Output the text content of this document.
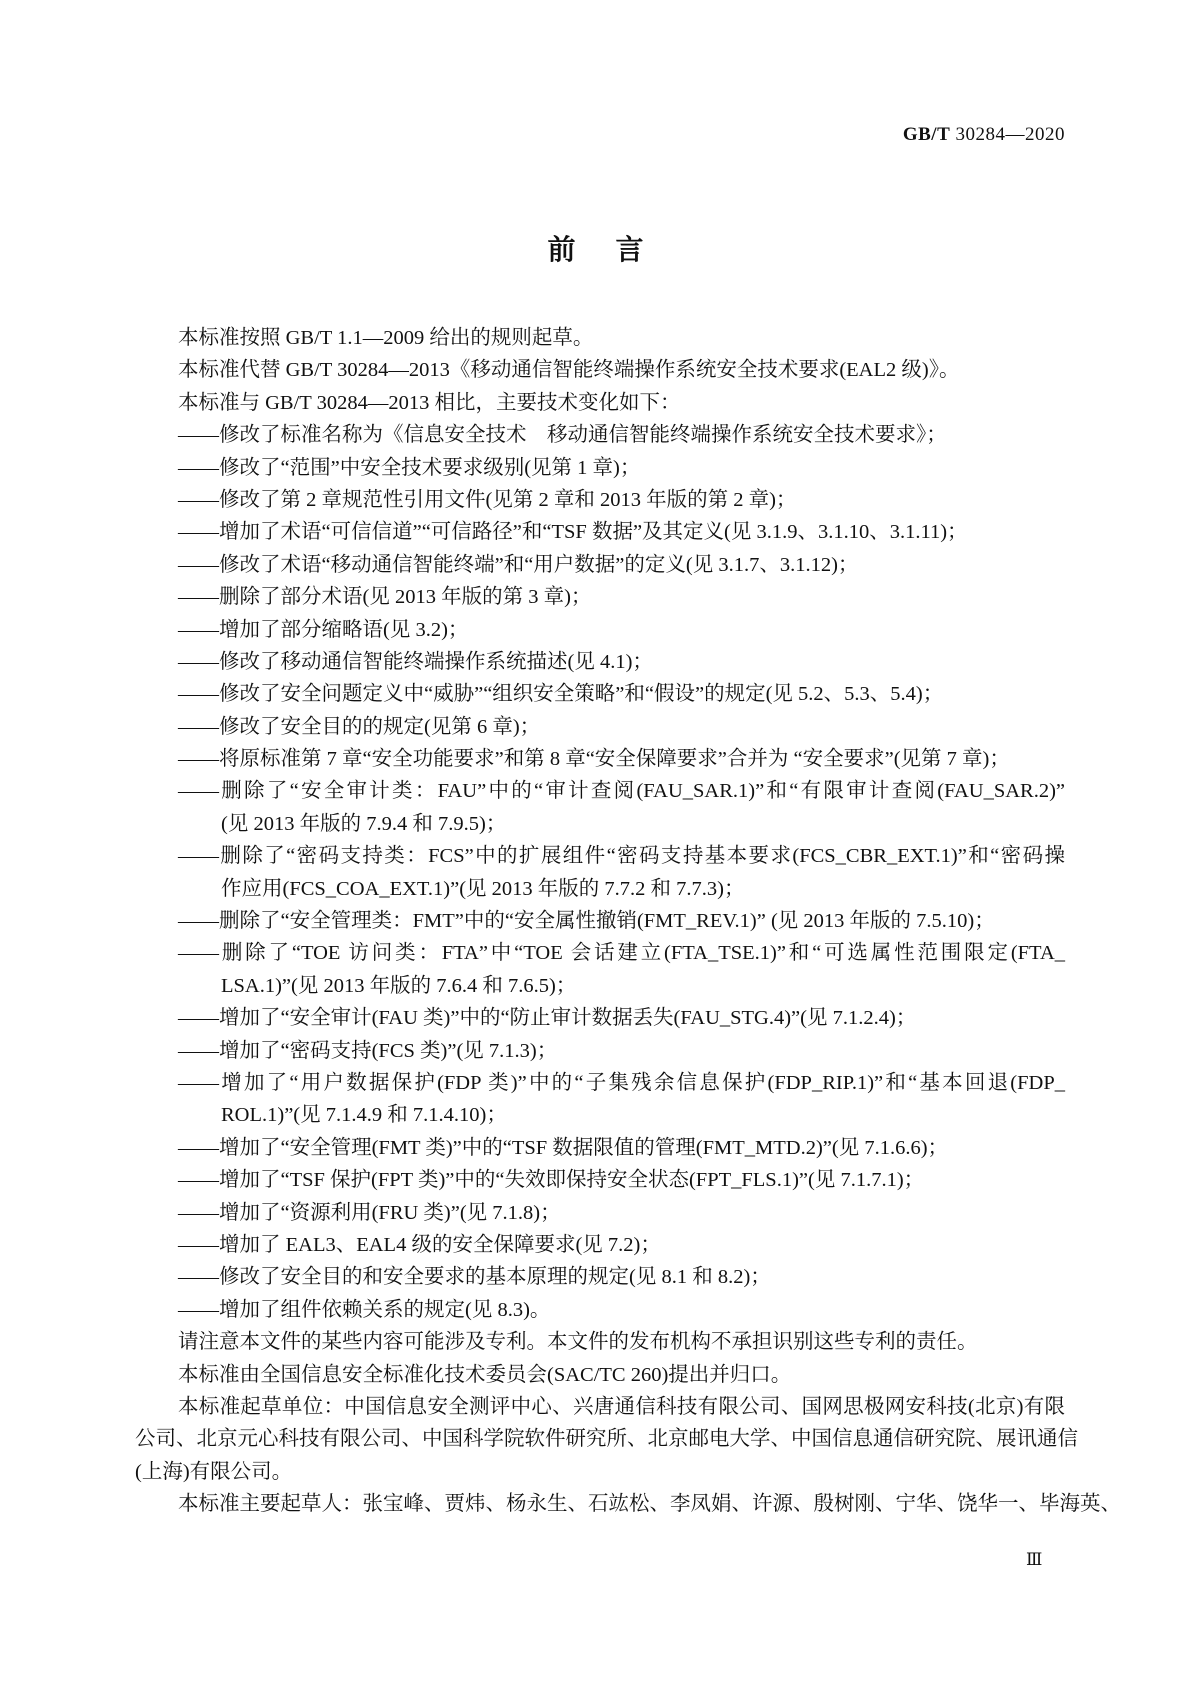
GB/T 30284—2020
前言
本标准按照 GB/T 1.1—2009 给出的规则起草。
本标准代替 GB/T 30284—2013《移动通信智能终端操作系统安全技术要求(EAL2 级)》。
本标准与 GB/T 30284—2013 相比，主要技术变化如下：
——修改了标准名称为《信息安全技术　移动通信智能终端操作系统安全技术要求》；
——修改了“范围”中安全技术要求级别(见第 1 章)；
——修改了第 2 章规范性引用文件(见第 2 章和 2013 年版的第 2 章)；
——增加了术语“可信信道”“可信路径”和“TSF 数据”及其定义(见 3.1.9、3.1.10、3.1.11)；
——修改了术语“移动通信智能终端”和“用户数据”的定义(见 3.1.7、3.1.12)；
——删除了部分术语(见 2013 年版的第 3 章)；
——增加了部分缩略语(见 3.2)；
——修改了移动通信智能终端操作系统描述(见 4.1)；
——修改了安全问题定义中“威胁”“组织安全策略”和“假设”的规定(见 5.2、5.3、5.4)；
——修改了安全目的的规定(见第 6 章)；
——将原标准第 7 章“安全功能要求”和第 8 章“安全保障要求”合并为 “安全要求”(见第 7 章)；
——删除了“安全审计类：FAU”中的“审计查阅(FAU_SAR.1)”和“有限审计查阅(FAU_SAR.2)”
(见 2013 年版的 7.9.4 和 7.9.5)；
——删除了“密码支持类：FCS”中的扩展组件“密码支持基本要求(FCS_CBR_EXT.1)”和“密码操
作应用(FCS_COA_EXT.1)”(见 2013 年版的 7.7.2 和 7.7.3)；
——删除了“安全管理类：FMT”中的“安全属性撤销(FMT_REV.1)” (见 2013 年版的 7.5.10)；
——删除了“TOE 访问类：FTA”中“TOE 会话建立(FTA_TSE.1)”和“可选属性范围限定(FTA_
LSA.1)”(见 2013 年版的 7.6.4 和 7.6.5)；
——增加了“安全审计(FAU 类)”中的“防止审计数据丢失(FAU_STG.4)”(见 7.1.2.4)；
——增加了“密码支持(FCS 类)”(见 7.1.3)；
——增加了“用户数据保护(FDP 类)”中的“子集残余信息保护(FDP_RIP.1)”和“基本回退(FDP_
ROL.1)”(见 7.1.4.9 和 7.1.4.10)；
——增加了“安全管理(FMT 类)”中的“TSF 数据限值的管理(FMT_MTD.2)”(见 7.1.6.6)；
——增加了“TSF 保护(FPT 类)”中的“失效即保持安全状态(FPT_FLS.1)”(见 7.1.7.1)；
——增加了“资源利用(FRU 类)”(见 7.1.8)；
——增加了 EAL3、EAL4 级的安全保障要求(见 7.2)；
——修改了安全目的和安全要求的基本原理的规定(见 8.1 和 8.2)；
——增加了组件依赖关系的规定(见 8.3)。
请注意本文件的某些内容可能涉及专利。本文件的发布机构不承担识别这些专利的责任。
本标准由全国信息安全标准化技术委员会(SAC/TC 260)提出并归口。
本标准起草单位：中国信息安全测评中心、兴唐通信科技有限公司、国网思极网安科技(北京)有限
公司、北京元心科技有限公司、中国科学院软件研究所、北京邮电大学、中国信息通信研究院、展讯通信
(上海)有限公司。
本标准主要起草人：张宝峰、贾炜、杨永生、石竑松、李凤娟、许源、殷树刚、宁华、饶华一、毕海英、
Ⅲ
